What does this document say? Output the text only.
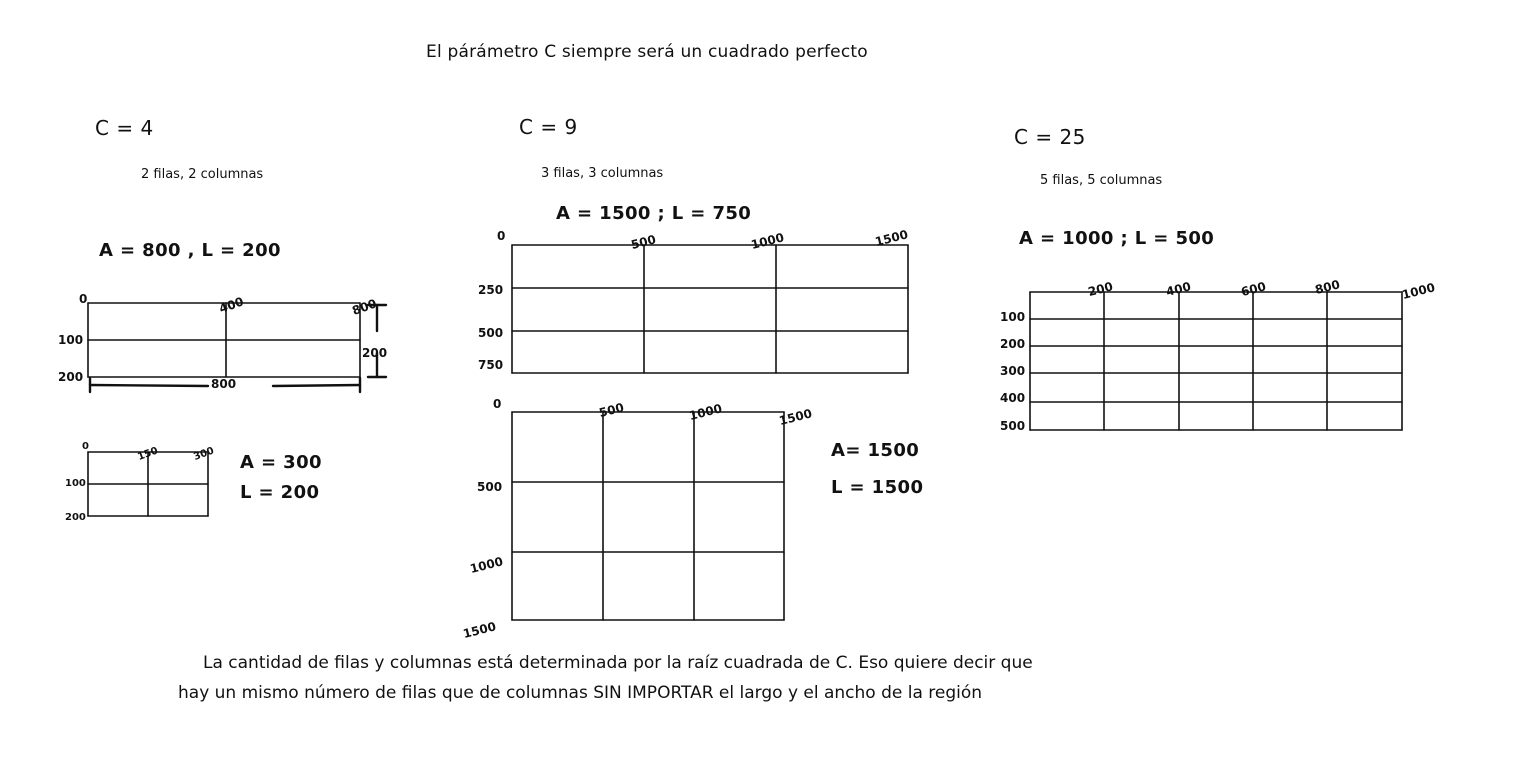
El párámetro C siempre será un cuadrado perfecto
C = 4
2 filas, 2 columnas
A = 800 , L = 200
0	400	800
100
200	800
200
0	150	300
100
200
A = 300
L = 200
C = 9
3 filas, 3 columnas
A = 1500 ; L = 750
0	500	1000	1500
250
500
750
0	500	1000	1500
500
1000
1500
A= 1500
L = 1500
C = 25
5 filas, 5 columnas
A = 1000 ; L = 500
200	400	600	800	1000
100
200
300
400
500
La cantidad de filas y columnas está determinada por la raíz cuadrada de C. Eso quiere decir que
hay un mismo número de filas que de columnas SIN IMPORTAR el largo y el ancho de la región
